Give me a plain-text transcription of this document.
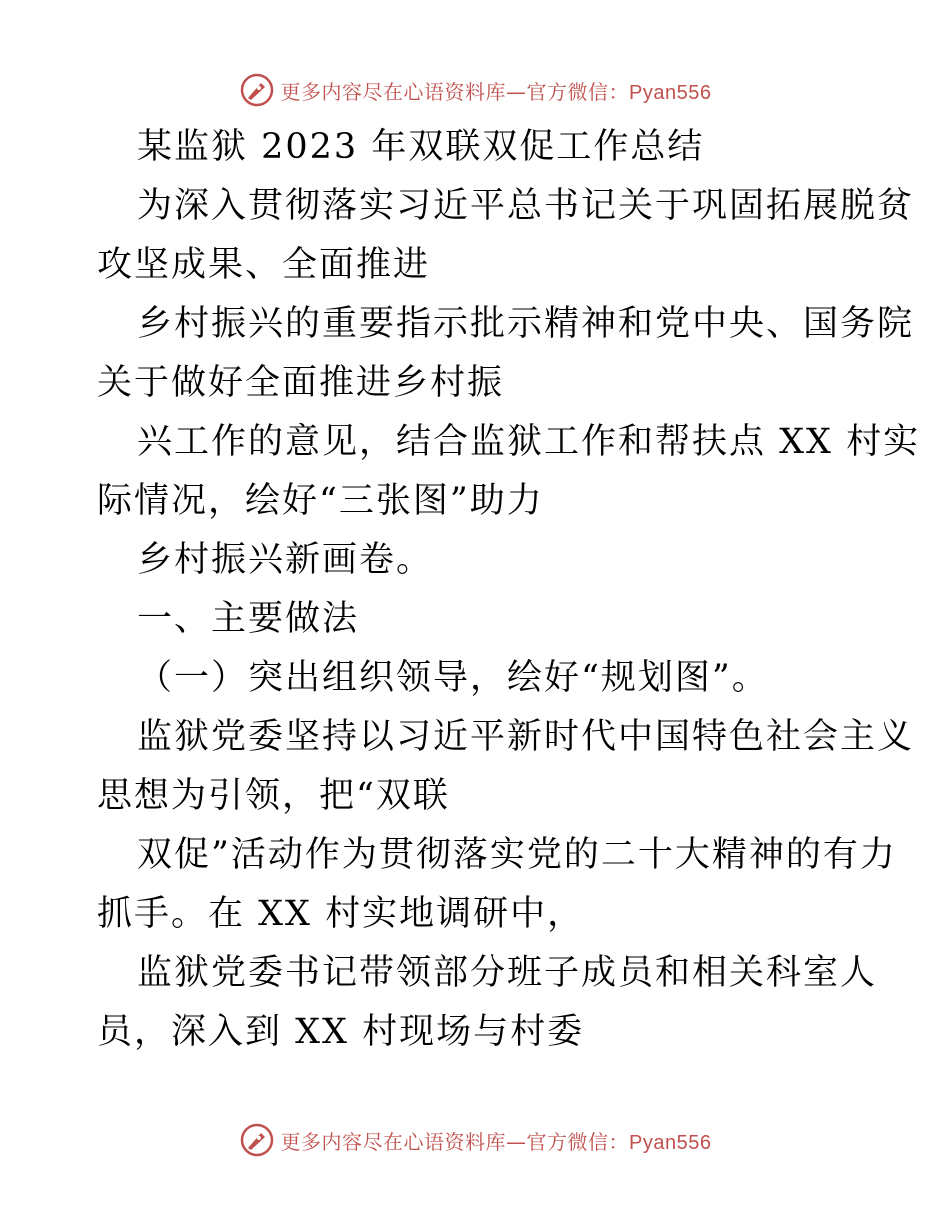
更多内容尽在心语资料库—官方微信：Pyan556
某监狱 2023 年双联双促工作总结
为深入贯彻落实习近平总书记关于巩固拓展脱贫
攻坚成果、全面推进
乡村振兴的重要指示批示精神和党中央、国务院
关于做好全面推进乡村振
兴工作的意见，结合监狱工作和帮扶点 XX 村实
际情况，绘好“三张图”助力
乡村振兴新画卷。
一、主要做法
（一）突出组织领导，绘好“规划图”。
监狱党委坚持以习近平新时代中国特色社会主义
思想为引领，把“双联
双促”活动作为贯彻落实党的二十大精神的有力
抓手。在 XX 村实地调研中，
监狱党委书记带领部分班子成员和相关科室人
员，深入到 XX 村现场与村委
更多内容尽在心语资料库—官方微信：Pyan556
